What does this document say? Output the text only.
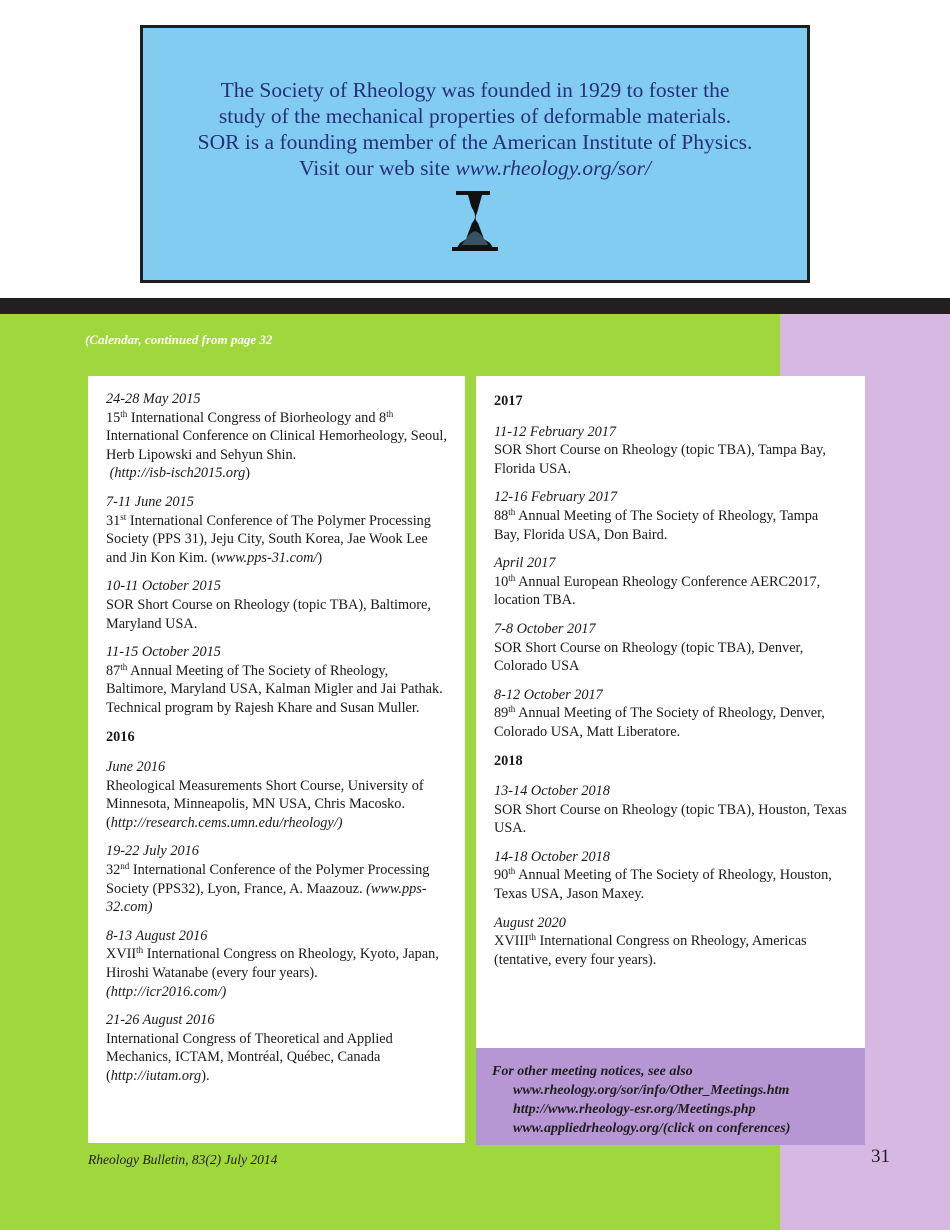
The Society of Rheology was founded in 1929 to foster the
study of the mechanical properties of deformable materials.
SOR is a founding member of the American Institute of Physics.
Visit our web site www.rheology.org/sor/
(Calendar, continued from page 32
24-28 May 2015
15th International Congress of Biorheology and 8th International Conference on Clinical Hemorheology, Seoul, Herb Lipowski and Sehyun Shin.
(http://isb-isch2015.org)
7-11 June 2015
31st International Conference of The Polymer Processing Society (PPS 31), Jeju City, South Korea, Jae Wook Lee and Jin Kon Kim. (www.pps-31.com/)
10-11 October 2015
SOR Short Course on Rheology (topic TBA), Baltimore, Maryland USA.
11-15 October 2015
87th Annual Meeting of The Society of Rheology, Baltimore, Maryland USA, Kalman Migler and Jai Pathak. Technical program by Rajesh Khare and Susan Muller.
2016
June 2016
Rheological Measurements Short Course, University of Minnesota, Minneapolis, MN USA, Chris Macosko.
(http://research.cems.umn.edu/rheology/)
19-22 July 2016
32nd International Conference of the Polymer Processing Society (PPS32), Lyon, France, A. Maazouz. (www.pps-32.com)
8-13 August 2016
XVIIth International Congress on Rheology, Kyoto, Japan, Hiroshi Watanabe (every four years).
(http://icr2016.com/)
21-26 August 2016
International Congress of Theoretical and Applied Mechanics, ICTAM, Montréal, Québec, Canada
(http://iutam.org).
2017
11-12 February 2017
SOR Short Course on Rheology (topic TBA), Tampa Bay, Florida USA.
12-16 February 2017
88th Annual Meeting of The Society of Rheology, Tampa Bay, Florida USA, Don Baird.
April 2017
10th Annual European Rheology Conference AERC2017, location TBA.
7-8 October 2017
SOR Short Course on Rheology (topic TBA), Denver, Colorado USA
8-12 October 2017
89th Annual Meeting of The Society of Rheology, Denver, Colorado USA, Matt Liberatore.
2018
13-14 October 2018
SOR Short Course on Rheology (topic TBA), Houston, Texas USA.
14-18 October 2018
90th Annual Meeting of The Society of Rheology, Houston, Texas USA, Jason Maxey.
August 2020
XVIIIth International Congress on Rheology, Americas (tentative, every four years).
For other meeting notices, see also
www.rheology.org/sor/info/Other_Meetings.htm
http://www.rheology-esr.org/Meetings.php
www.appliedrheology.org/(click on conferences)
Rheology Bulletin, 83(2) July 2014	31
